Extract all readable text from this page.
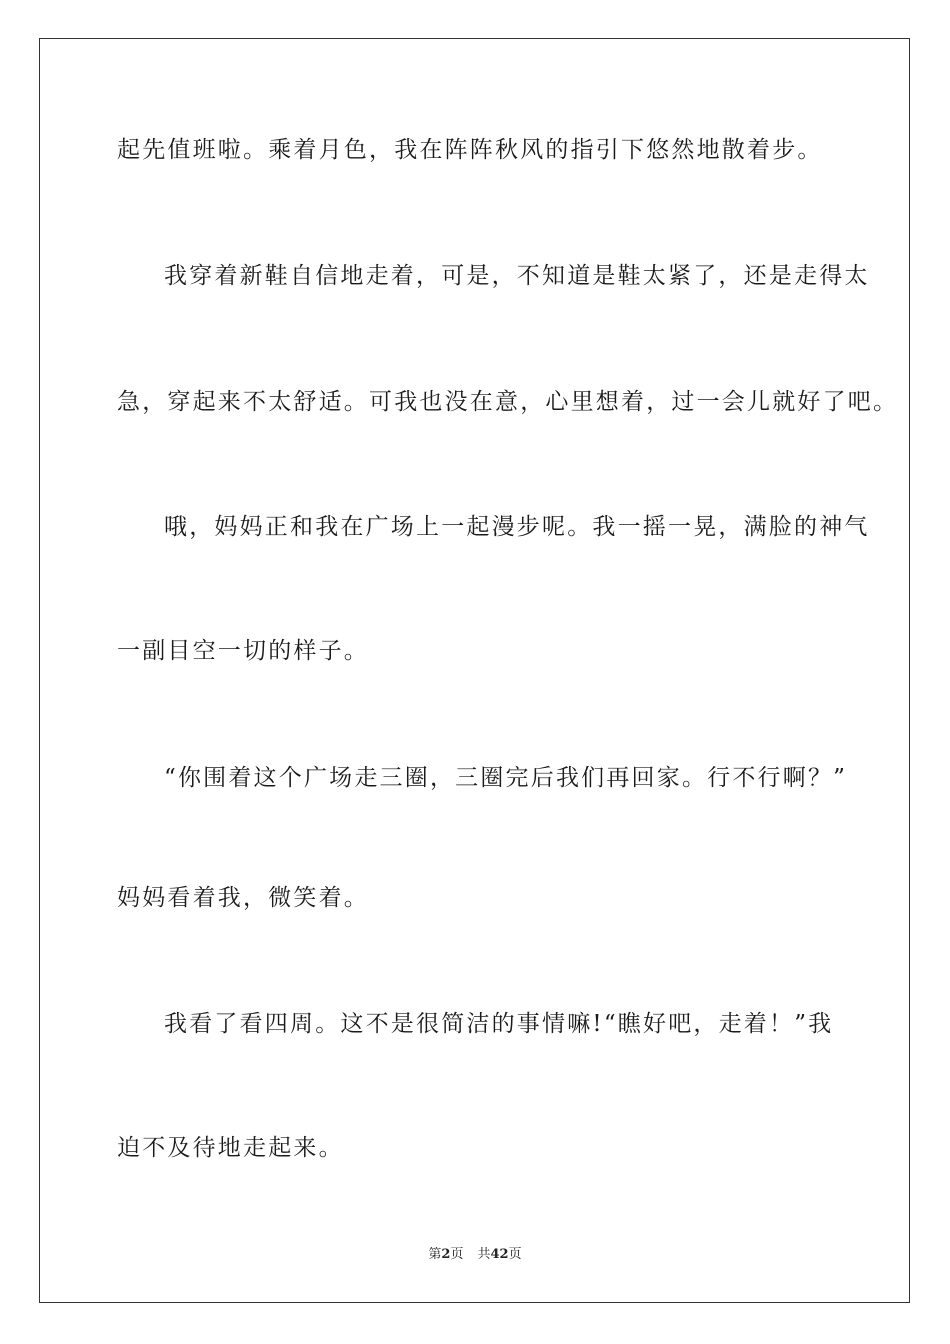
起先值班啦。乘着月色，我在阵阵秋风的指引下悠然地散着步。
我穿着新鞋自信地走着，可是，不知道是鞋太紧了，还是走得太
急，穿起来不太舒适。可我也没在意，心里想着，过一会儿就好了吧。
哦，妈妈正和我在广场上一起漫步呢。我一摇一晃，满脸的神气
一副目空一切的样子。
“你围着这个广场走三圈，三圈完后我们再回家。行不行啊？”
妈妈看着我，微笑着。
我看了看四周。这不是很简洁的事情嘛!“瞧好吧，走着！”我
迫不及待地走起来。
第2页 共42页
